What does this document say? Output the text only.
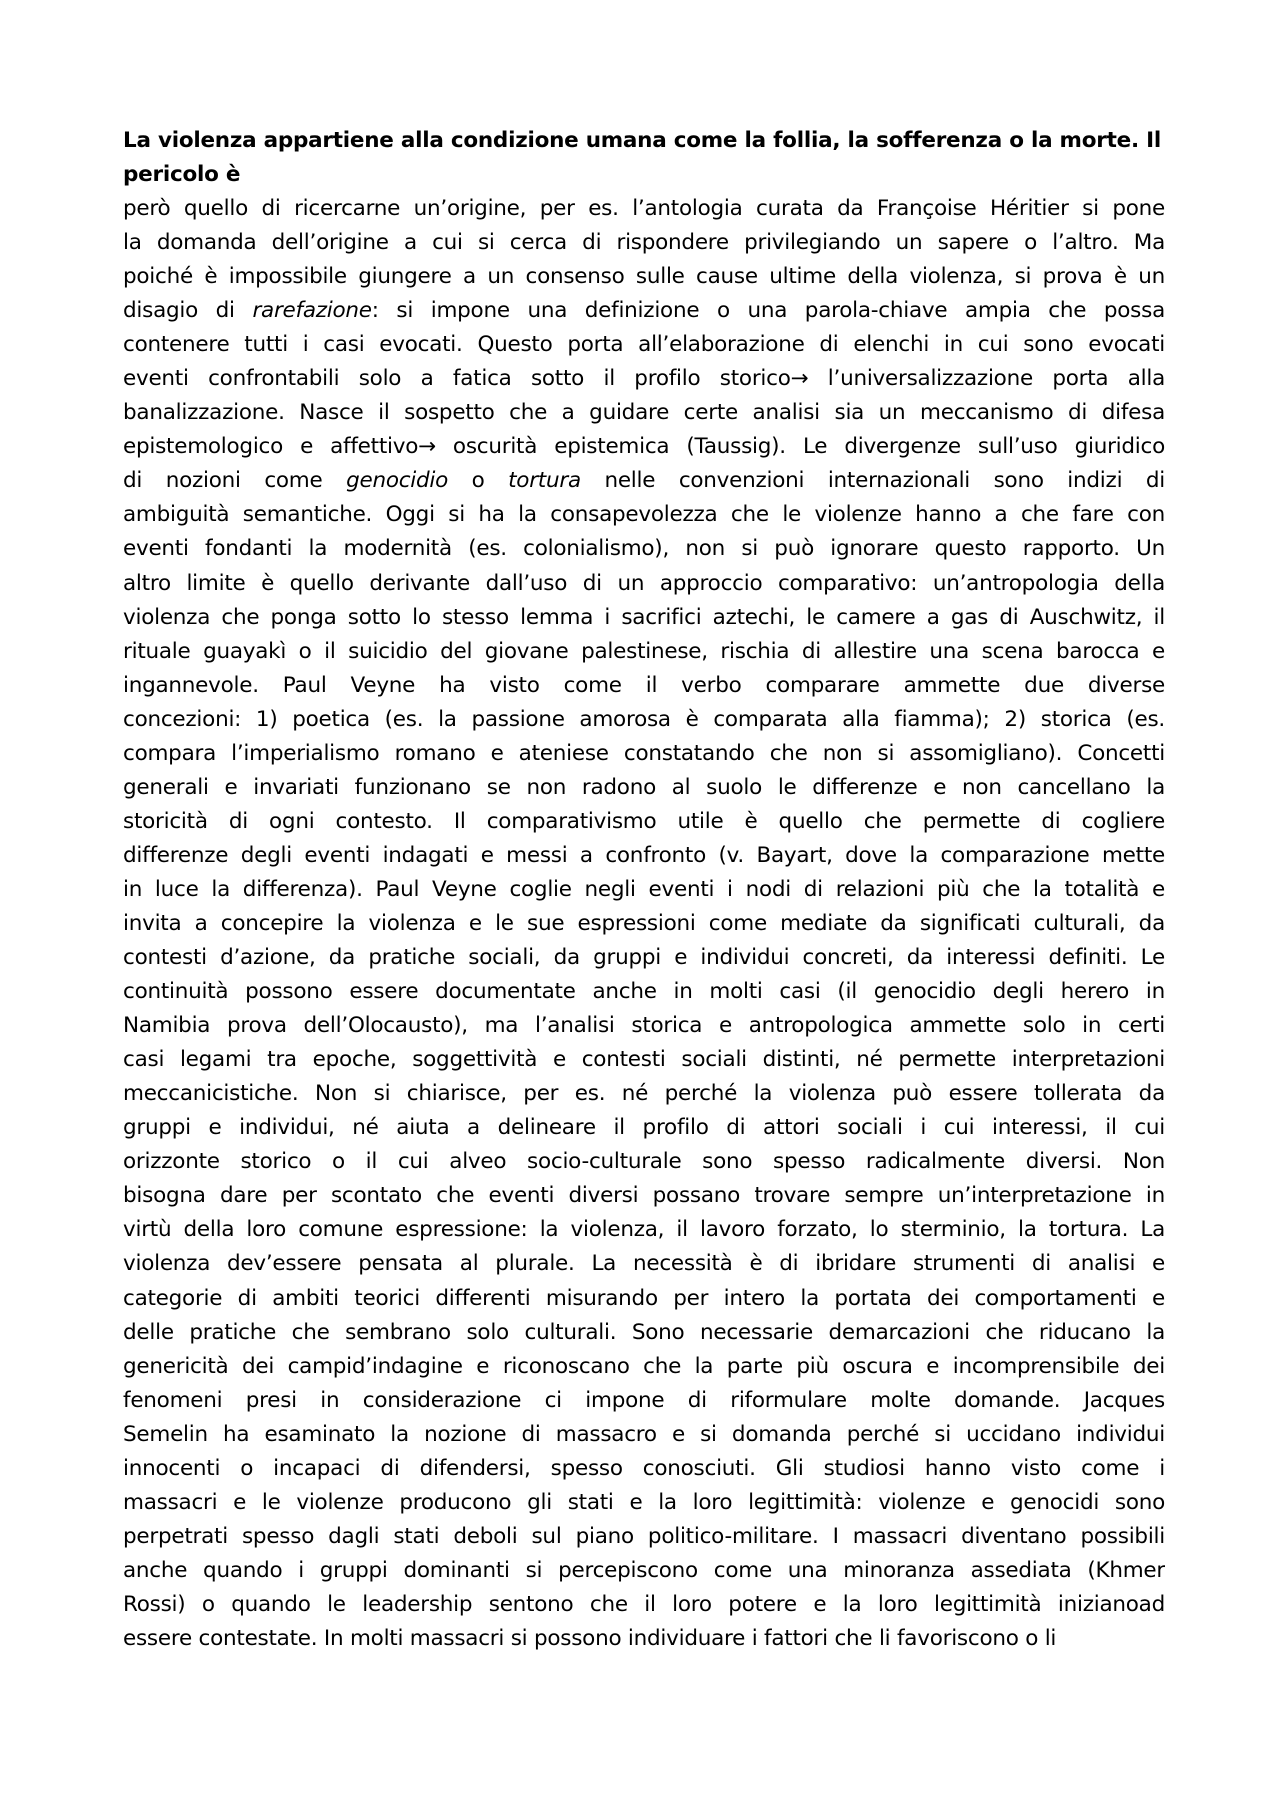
La violenza appartiene alla condizione umana come la follia, la sofferenza o la morte. Il
pericolo è

però quello di ricercarne un’origine, per es. l’antologia curata da Françoise Héritier si pone
la domanda dell’origine a cui si cerca di rispondere privilegiando un sapere o l’altro. Ma
poiché è impossibile giungere a un consenso sulle cause ultime della violenza, si prova è un
disagio di rarefazione: si impone una definizione o una parola-chiave ampia che possa
contenere tutti i casi evocati. Questo porta all’elaborazione di elenchi in cui sono evocati
eventi confrontabili solo a fatica sotto il profilo storico→ l’universalizzazione porta alla
banalizzazione. Nasce il sospetto che a guidare certe analisi sia un meccanismo di difesa
epistemologico e affettivo→ oscurità epistemica (Taussig). Le divergenze sull’uso giuridico
di nozioni come genocidio o tortura nelle convenzioni internazionali sono indizi di
ambiguità semantiche. Oggi si ha la consapevolezza che le violenze hanno a che fare con
eventi fondanti la modernità (es. colonialismo), non si può ignorare questo rapporto. Un
altro limite è quello derivante dall’uso di un approccio comparativo: un’antropologia della
violenza che ponga sotto lo stesso lemma i sacrifici aztechi, le camere a gas di Auschwitz, il
rituale guayakì o il suicidio del giovane palestinese, rischia di allestire una scena barocca e
ingannevole. Paul Veyne ha visto come il verbo comparare ammette due diverse
concezioni: 1) poetica (es. la passione amorosa è comparata alla fiamma); 2) storica (es.
compara l’imperialismo romano e ateniese constatando che non si assomigliano). Concetti
generali e invariati funzionano se non radono al suolo le differenze e non cancellano la
storicità di ogni contesto. Il comparativismo utile è quello che permette di cogliere
differenze degli eventi indagati e messi a confronto (v. Bayart, dove la comparazione mette
in luce la differenza). Paul Veyne coglie negli eventi i nodi di relazioni più che la totalità e
invita a concepire la violenza e le sue espressioni come mediate da significati culturali, da
contesti d’azione, da pratiche sociali, da gruppi e individui concreti, da interessi definiti. Le
continuità possono essere documentate anche in molti casi (il genocidio degli herero in
Namibia prova dell’Olocausto), ma l’analisi storica e antropologica ammette solo in certi
casi legami tra epoche, soggettività e contesti sociali distinti, né permette interpretazioni
meccanicistiche. Non si chiarisce, per es. né perché la violenza può essere tollerata da
gruppi e individui, né aiuta a delineare il profilo di attori sociali i cui interessi, il cui
orizzonte storico o il cui alveo socio-culturale sono spesso radicalmente diversi. Non
bisogna dare per scontato che eventi diversi possano trovare sempre un’interpretazione in
virtù della loro comune espressione: la violenza, il lavoro forzato, lo sterminio, la tortura. La
violenza dev’essere pensata al plurale. La necessità è di ibridare strumenti di analisi e
categorie di ambiti teorici differenti misurando per intero la portata dei comportamenti e
delle pratiche che sembrano solo culturali. Sono necessarie demarcazioni che riducano la
genericità dei campid’indagine e riconoscano che la parte più oscura e incomprensibile dei
fenomeni presi in considerazione ci impone di riformulare molte domande. Jacques
Semelin ha esaminato la nozione di massacro e si domanda perché si uccidano individui
innocenti o incapaci di difendersi, spesso conosciuti. Gli studiosi hanno visto come i
massacri e le violenze producono gli stati e la loro legittimità: violenze e genocidi sono
perpetrati spesso dagli stati deboli sul piano politico-militare. I massacri diventano possibili
anche quando i gruppi dominanti si percepiscono come una minoranza assediata (Khmer
Rossi) o quando le leadership sentono che il loro potere e la loro legittimità inizianoad
essere contestate. In molti massacri si possono individuare i fattori che li favoriscono o li
